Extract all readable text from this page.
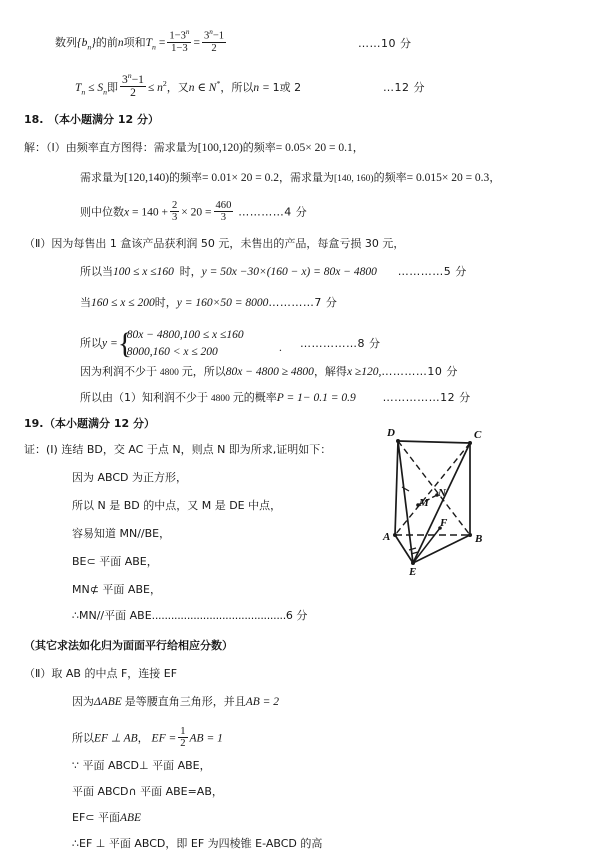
数列$\{b_n\}$的前n项和$T_n = \frac{1-3^n}{1-3} = \frac{3^n-1}{2}$	……10 分
$T_n \le S_n$即 $\frac{3^n-1}{2} \le n^2$，又n ∈ N*，所以n = 1或 2	…12 分
18. （本小题满分 12 分）
解：（Ⅰ）由频率直方图得：需求量为[100,120)的频率= 0.05× 20 = 0.1，
需求量为[120,140)的频率= 0.01× 20 = 0.2，需求量为[140, 160)的频率= 0.015× 20 = 0.3，
则中位数$x = 140 + \frac{2}{3} \times 20 = \frac{460}{3}$ …………4 分
（Ⅱ）因为每售出 1 盒该产品获利润 50 元，未售出的产品，每盒亏损 30 元，
所以当100 ≤ x ≤160 时，y = 50x −30×(160 − x) = 80x − 4800 …………5 分
当160 ≤ x ≤ 200时，y = 160×50 = 8000…………7 分
所以y = {
80x − 4800,100 ≤ x ≤160
8000,160 < x ≤ 200	. ……………8 分
因为利润不少于 4800 元，所以80x − 4800 ≥ 4800，解得x ≥120,…………10 分
所以由（1）知利润不少于 4800 元的概率P = 1− 0.1 = 0.9 ……………12 分
19. （本小题满分 12 分）
证：(I) 连结 BD，交 AC 于点 N，则点 N 即为所求,证明如下：
因为 ABCD 为正方形，
所以 N 是 BD 的中点，又 M 是 DE 中点，
容易知道 MN//BE，
BE⊂ 平面 ABE，
MN⊄ 平面 ABE，
∴MN//平面 ABE..........................................6 分
（其它求法如化归为面面平行给相应分数）
（Ⅱ）取 AB 的中点 F，连接 EF
因为ΔABE 是等腰直角三角形，并且AB = 2
所以EF ⊥ AB， EF = $\frac{1}{2}$ AB = 1
∵ 平面 ABCD⊥ 平面 ABE，
平面 ABCD∩ 平面 ABE=AB，
EF⊂ 平面ABE
∴EF ⊥ 平面 ABCD，即 EF 为四棱锥 E-ABCD 的高
D	C
A	B
E
M
N
F
